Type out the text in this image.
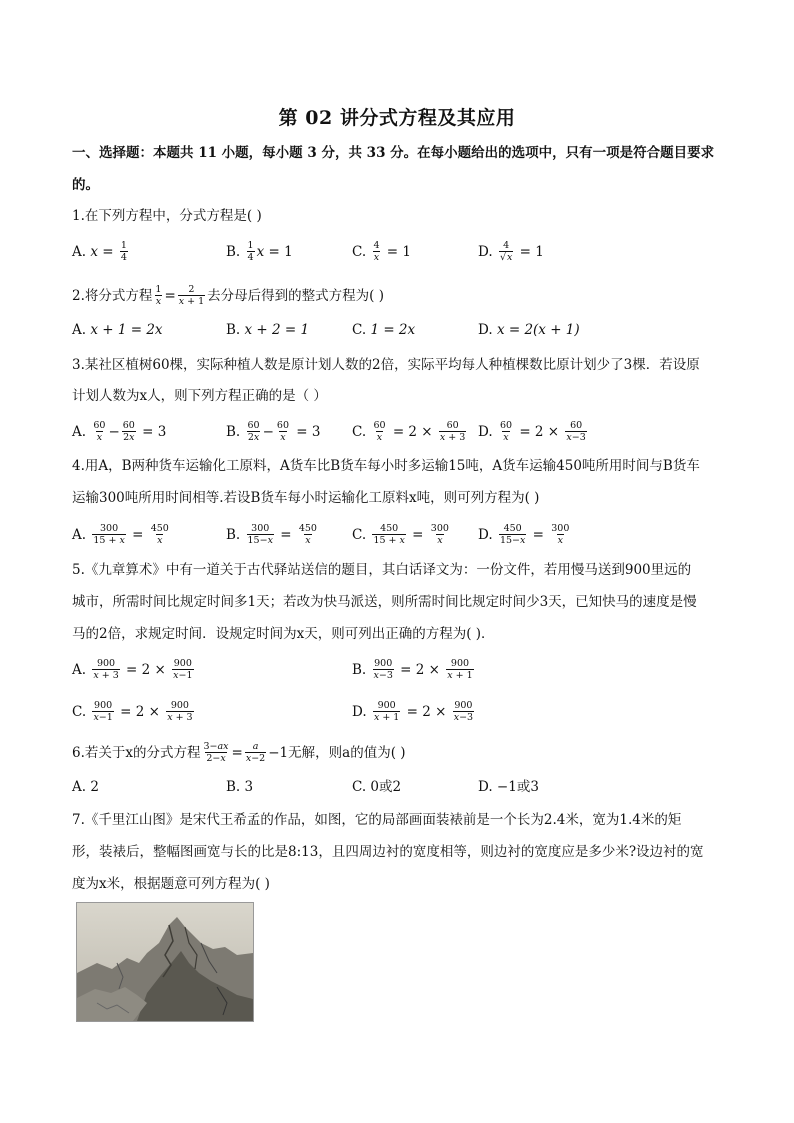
第 02 讲分式方程及其应用
一、选择题：本题共 11 小题，每小题 3 分，共 33 分。在每小题给出的选项中，只有一项是符合题目要求
的。
1.在下列方程中，分式方程是( )
A. $x = \frac{1}{4}$	B. $\frac{1}{4}$ x = 1	C. $\frac{4}{x} = 1$	D. $\frac{4}{√x} = 1$
2.将分式方程 $\frac{1}{x} = \frac{2}{x + 1}$ 去分母后得到的整式方程为( )
A. x + 1 = 2x	B. x + 2 = 1	C. 1 = 2x	D. x = 2(x + 1)
3.某社区植树60棵，实际种植人数是原计划人数的2倍，实际平均每人种植棵数比原计划少了3棵．若设原
计划人数为x人，则下列方程正确的是（ ）
A. $\frac{60}{x} - \frac{60}{2x} = 3$	B. $\frac{60}{2x} - \frac{60}{x} = 3$ C. $\frac{60}{x} = 2 \times \frac{60}{x + 3} D$. $\frac{60}{x} = 2 \times \frac{60}{x-3}$
4.用A，B两种货车运输化工原料，A货车比B货车每小时多运输15吨，A货车运输450吨所用时间与B货车
运输300吨所用时间相等.若设B货车每小时运输化工原料x吨，则可列方程为( )
A. $\frac{300}{15 + x} = \frac{450}{x}$	B. $\frac{300}{15-x} = \frac{450}{x}$	C. $\frac{450}{15 + x} = \frac{300}{x} D$. $\frac{450}{15-x} = \frac{300}{x}$
5.《九章算术》中有一道关于古代驿站送信的题目，其白话译文为：一份文件，若用慢马送到900里远的
城市，所需时间比规定时间多1天；若改为快马派送，则所需时间比规定时间少3天，已知快马的速度是慢
马的2倍，求规定时间．设规定时间为x天，则可列出正确的方程为( )．
A. $\frac{900}{x + 3} = 2 \times \frac{900}{x-1}$	B. $\frac{900}{x-3} = 2 \times \frac{900}{x + 1}$
C. $\frac{900}{x-1} = 2 \times \frac{900}{x + 3}$	D. $\frac{900}{x + 1} = 2 \times \frac{900}{x-3}$
6.若关于x的分式方程 $\frac{3-ax}{2-x} = \frac{a}{x-2} -1$无解，则a的值为( )
A. 2	B. 3	C. 0或2	D. −1或3
7.《千里江山图》是宋代王希孟的作品，如图，它的局部画面装裱前是一个长为2.4米，宽为1.4米的矩
形，装裱后，整幅图画宽与长的比是8:13，且四周边衬的宽度相等，则边衬的宽度应是多少米?设边衬的宽
度为x米，根据题意可列方程为( )
